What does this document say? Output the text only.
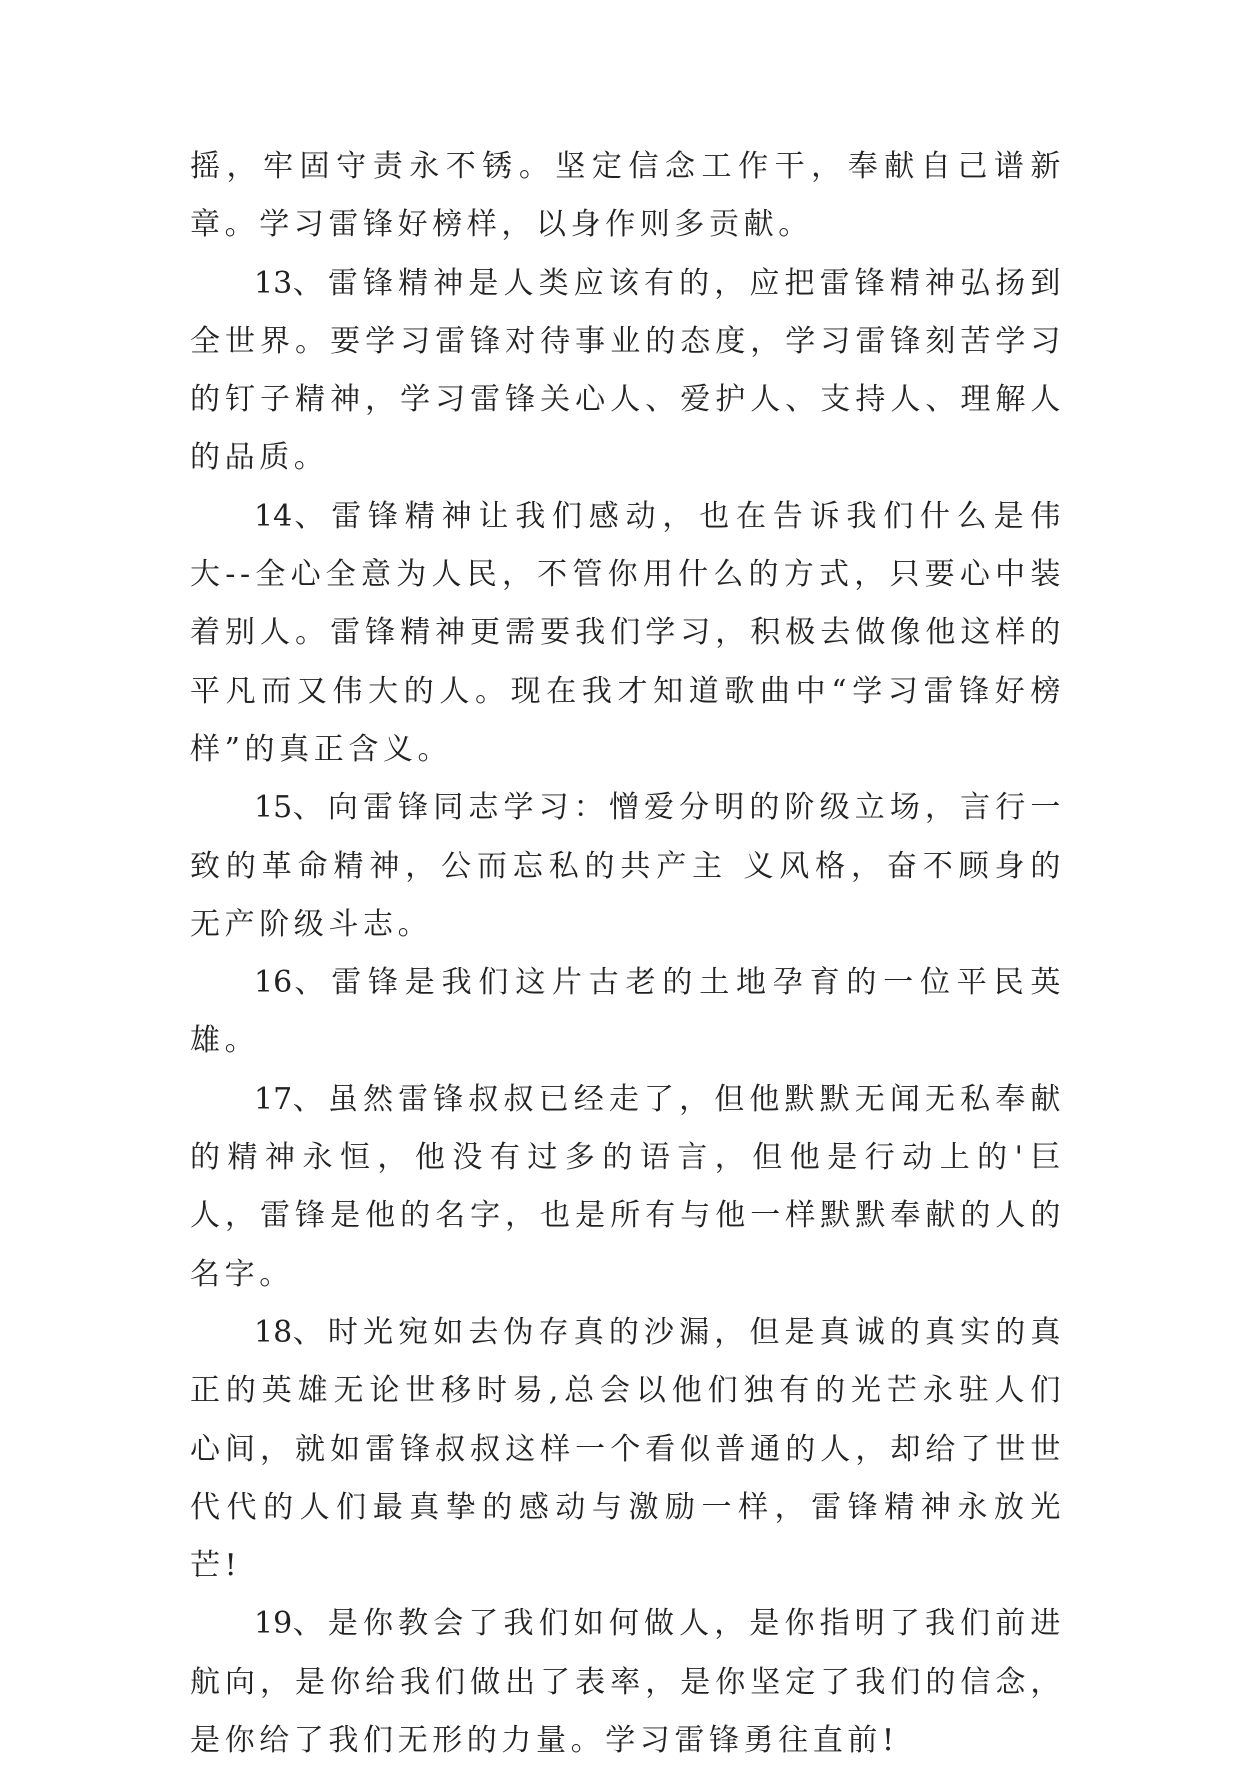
摇，牢固守责永不锈。坚定信念工作干，奉献自己谱新章。学习雷锋好榜样，以身作则多贡献。

13、雷锋精神是人类应该有的，应把雷锋精神弘扬到全世界。要学习雷锋对待事业的态度，学习雷锋刻苦学习的钉子精神，学习雷锋关心人、爱护人、支持人、理解人的品质。

14、雷锋精神让我们感动，也在告诉我们什么是伟大--全心全意为人民，不管你用什么的方式，只要心中装着别人。雷锋精神更需要我们学习，积极去做像他这样的平凡而又伟大的人。现在我才知道歌曲中“学习雷锋好榜样”的真正含义。

15、向雷锋同志学习：憎爱分明的阶级立场，言行一致的革命精神，公而忘私的共产主 义风格，奋不顾身的无产阶级斗志。

16、雷锋是我们这片古老的土地孕育的一位平民英雄。

17、虽然雷锋叔叔已经走了，但他默默无闻无私奉献的精神永恒，他没有过多的语言，但他是行动上的'巨人，雷锋是他的名字，也是所有与他一样默默奉献的人的名字。

18、时光宛如去伪存真的沙漏，但是真诚的真实的真正的英雄无论世移时易,总会以他们独有的光芒永驻人们心间，就如雷锋叔叔这样一个看似普通的人，却给了世世代代的人们最真挚的感动与激励一样，雷锋精神永放光芒!

19、是你教会了我们如何做人，是你指明了我们前进航向，是你给我们做出了表率，是你坚定了我们的信念，是你给了我们无形的力量。学习雷锋勇往直前!
